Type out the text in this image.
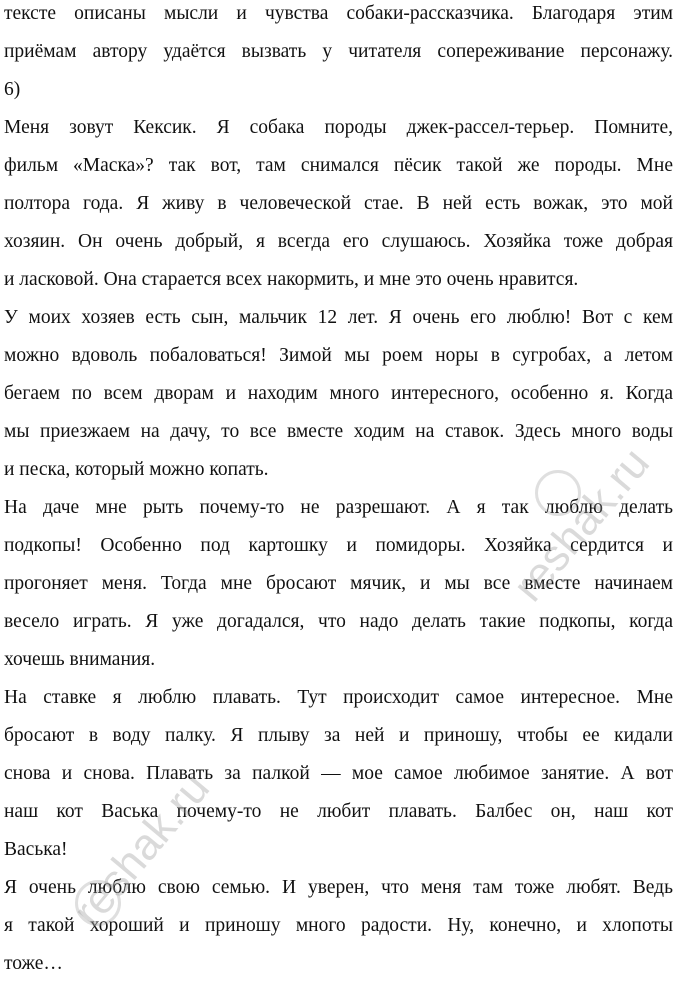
тексте описаны мысли и чувства собаки-рассказчика. Благодаря этим
приёмам автору удаётся вызвать у читателя сопереживание персонажу.
6)
Меня зовут Кексик. Я собака породы джек-рассел-терьер. Помните,
фильм «Маска»? так вот, там снимался пёсик такой же породы. Мне
полтора года. Я живу в человеческой стае. В ней есть вожак, это мой
хозяин. Он очень добрый, я всегда его слушаюсь. Хозяйка тоже добрая
и ласковой. Она старается всех накормить, и мне это очень нравится.
У моих хозяев есть сын, мальчик 12 лет. Я очень его люблю! Вот с кем
можно вдоволь побаловаться! Зимой мы роем норы в сугробах, а летом
бегаем по всем дворам и находим много интересного, особенно я. Когда
мы приезжаем на дачу, то все вместе ходим на ставок. Здесь много воды
и песка, который можно копать.
На даче мне рыть почему-то не разрешают. А я так люблю делать
подкопы! Особенно под картошку и помидоры. Хозяйка сердится и
прогоняет меня. Тогда мне бросают мячик, и мы все вместе начинаем
весело играть. Я уже догадался, что надо делать такие подкопы, когда
хочешь внимания.
На ставке я люблю плавать. Тут происходит самое интересное. Мне
бросают в воду палку. Я плыву за ней и приношу, чтобы ее кидали
снова и снова. Плавать за палкой — мое самое любимое занятие. А вот
наш кот Васька почему-то не любит плавать. Балбес он, наш кот
Васька!
Я очень люблю свою семью. И уверен, что меня там тоже любят. Ведь
я такой хороший и приношу много радости. Ну, конечно, и хлопоты
тоже…
reshak.ru
reshak.ru
